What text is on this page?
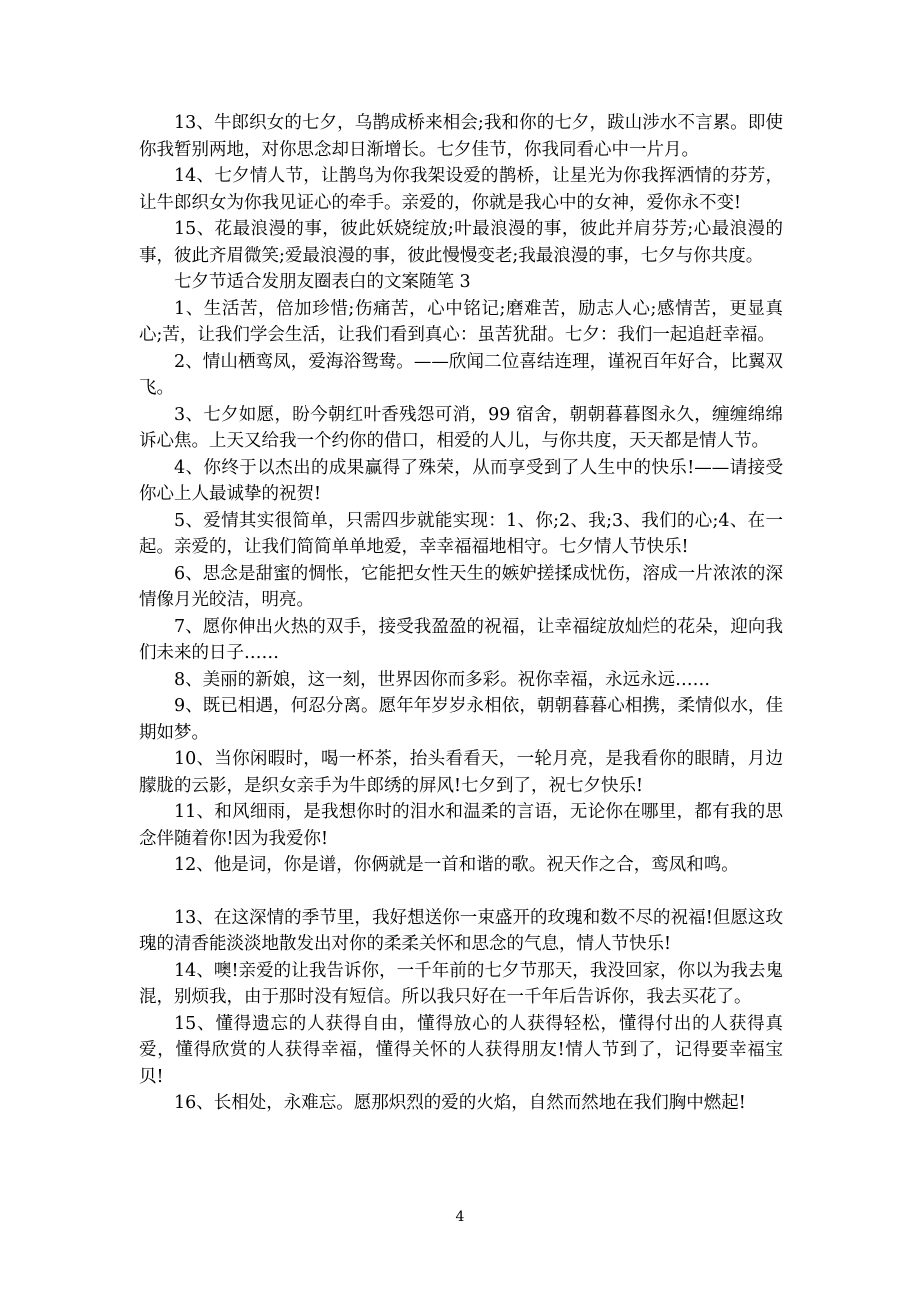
13、牛郎织女的七夕，乌鹊成桥来相会;我和你的七夕，跋山涉水不言累。即使你我暂别两地，对你思念却日渐增长。七夕佳节，你我同看心中一片月。

14、七夕情人节，让鹊鸟为你我架设爱的鹊桥，让星光为你我挥洒情的芬芳，让牛郎织女为你我见证心的牵手。亲爱的，你就是我心中的女神，爱你永不变!

15、花最浪漫的事，彼此妖娆绽放;叶最浪漫的事，彼此并肩芬芳;心最浪漫的事，彼此齐眉微笑;爱最浪漫的事，彼此慢慢变老;我最浪漫的事，七夕与你共度。

七夕节适合发朋友圈表白的文案随笔 3

1、生活苦，倍加珍惜;伤痛苦，心中铭记;磨难苦，励志人心;感情苦，更显真心;苦，让我们学会生活，让我们看到真心：虽苦犹甜。七夕：我们一起追赶幸福。

2、情山栖鸾凤，爱海浴鸳鸯。——欣闻二位喜结连理，谨祝百年好合，比翼双飞。

3、七夕如愿，盼今朝红叶香残怨可消，99 宿舍，朝朝暮暮图永久，缠缠绵绵诉心焦。上天又给我一个约你的借口，相爱的人儿，与你共度，天天都是情人节。

4、你终于以杰出的成果赢得了殊荣，从而享受到了人生中的快乐!——请接受你心上人最诚挚的祝贺!

5、爱情其实很简单，只需四步就能实现：1、你;2、我;3、我们的心;4、在一起。亲爱的，让我们简简单单地爱，幸幸福福地相守。七夕情人节快乐!

6、思念是甜蜜的惆怅，它能把女性天生的嫉妒搓揉成忧伤，溶成一片浓浓的深情像月光皎洁，明亮。

7、愿你伸出火热的双手，接受我盈盈的祝福，让幸福绽放灿烂的花朵，迎向我们未来的日子……

8、美丽的新娘，这一刻，世界因你而多彩。祝你幸福，永远永远……

9、既已相遇，何忍分离。愿年年岁岁永相依，朝朝暮暮心相携，柔情似水，佳期如梦。

10、当你闲暇时，喝一杯茶，抬头看看天，一轮月亮，是我看你的眼睛，月边朦胧的云影，是织女亲手为牛郎绣的屏风!七夕到了，祝七夕快乐!

11、和风细雨，是我想你时的泪水和温柔的言语，无论你在哪里，都有我的思念伴随着你!因为我爱你!

12、他是词，你是谱，你俩就是一首和谐的歌。祝天作之合，鸾凤和鸣。

13、在这深情的季节里，我好想送你一束盛开的玫瑰和数不尽的祝福!但愿这玫瑰的清香能淡淡地散发出对你的柔柔关怀和思念的气息，情人节快乐!

14、噢!亲爱的让我告诉你，一千年前的七夕节那天，我没回家，你以为我去鬼混，别烦我，由于那时没有短信。所以我只好在一千年后告诉你，我去买花了。

15、懂得遗忘的人获得自由，懂得放心的人获得轻松，懂得付出的人获得真爱，懂得欣赏的人获得幸福，懂得关怀的人获得朋友!情人节到了，记得要幸福宝贝!

16、长相处，永难忘。愿那炽烈的爱的火焰，自然而然地在我们胸中燃起!

4
